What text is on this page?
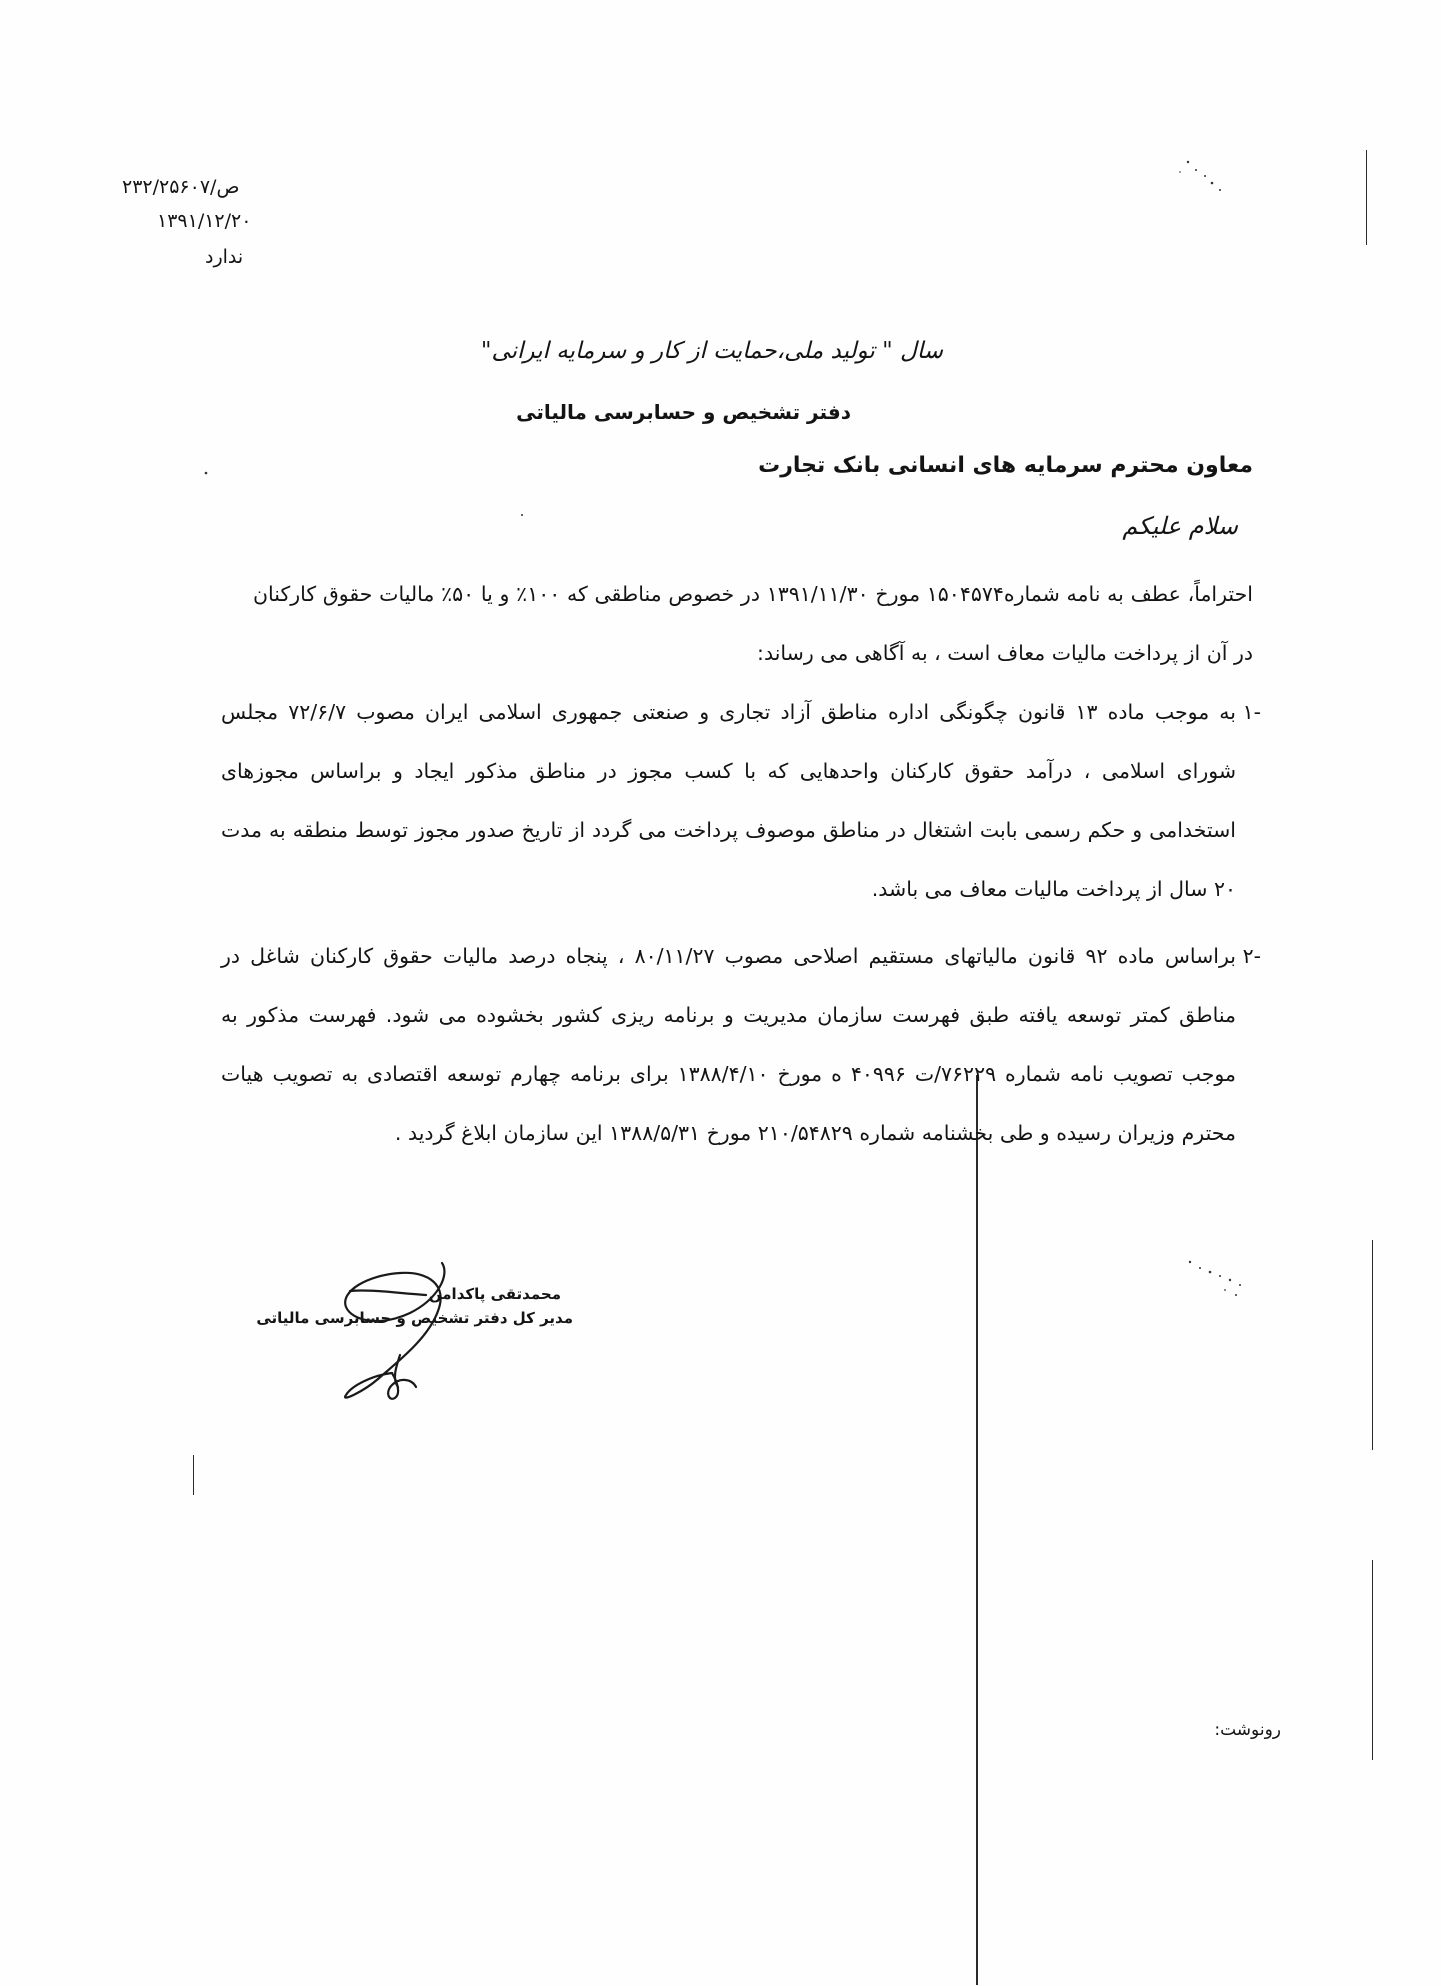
۲۳۲/۲۵۶۰۷/ص
۱۳۹۱/۱۲/۲۰
ندارد
سال " تولید ملی،حمایت از کار و سرمایه ایرانی"
دفتر تشخیص و حسابرسی مالیاتی
معاون محترم سرمایه های انسانی بانک تجارت
سلام علیکم
احتراماً، عطف به نامه شماره۱۵۰۴۵۷۴ مورخ ۱۳۹۱/۱۱/۳۰ در خصوص مناطقی که ۱۰۰٪ و یا ۵۰٪ مالیات حقوق کارکنان در آن از پرداخت مالیات معاف است ، به آگاهی می رساند:
۱-
به موجب ماده ۱۳ قانون چگونگی اداره مناطق آزاد تجاری و صنعتی جمهوری اسلامی ایران مصوب ۷۲/۶/۷ مجلس شورای اسلامی ، درآمد حقوق کارکنان واحدهایی که با کسب مجوز در مناطق مذکور ایجاد و براساس مجوزهای استخدامی و حکم رسمی بابت اشتغال در مناطق موصوف پرداخت می گردد از تاریخ صدور مجوز توسط منطقه به مدت ۲۰ سال از پرداخت مالیات معاف می باشد.
۲-
براساس ماده ۹۲ قانون مالیاتهای مستقیم اصلاحی مصوب ۸۰/۱۱/۲۷ ، پنجاه درصد مالیات حقوق کارکنان شاغل در مناطق کمتر توسعه یافته طبق فهرست سازمان مدیریت و برنامه ریزی کشور بخشوده می شود. فهرست مذکور به موجب تصویب نامه شماره ۷۶۲۲۹/ت ۴۰۹۹۶ ه مورخ ۱۳۸۸/۴/۱۰ برای برنامه چهارم توسعه اقتصادی به تصویب هیات محترم وزیران رسیده و طی بخشنامه شماره ۲۱۰/۵۴۸۲۹ مورخ ۱۳۸۸/۵/۳۱ این سازمان ابلاغ گردید .
محمدتقی پاکدامن
مدیر کل دفتر تشخیص و حسابرسی مالیاتی
رونوشت:
